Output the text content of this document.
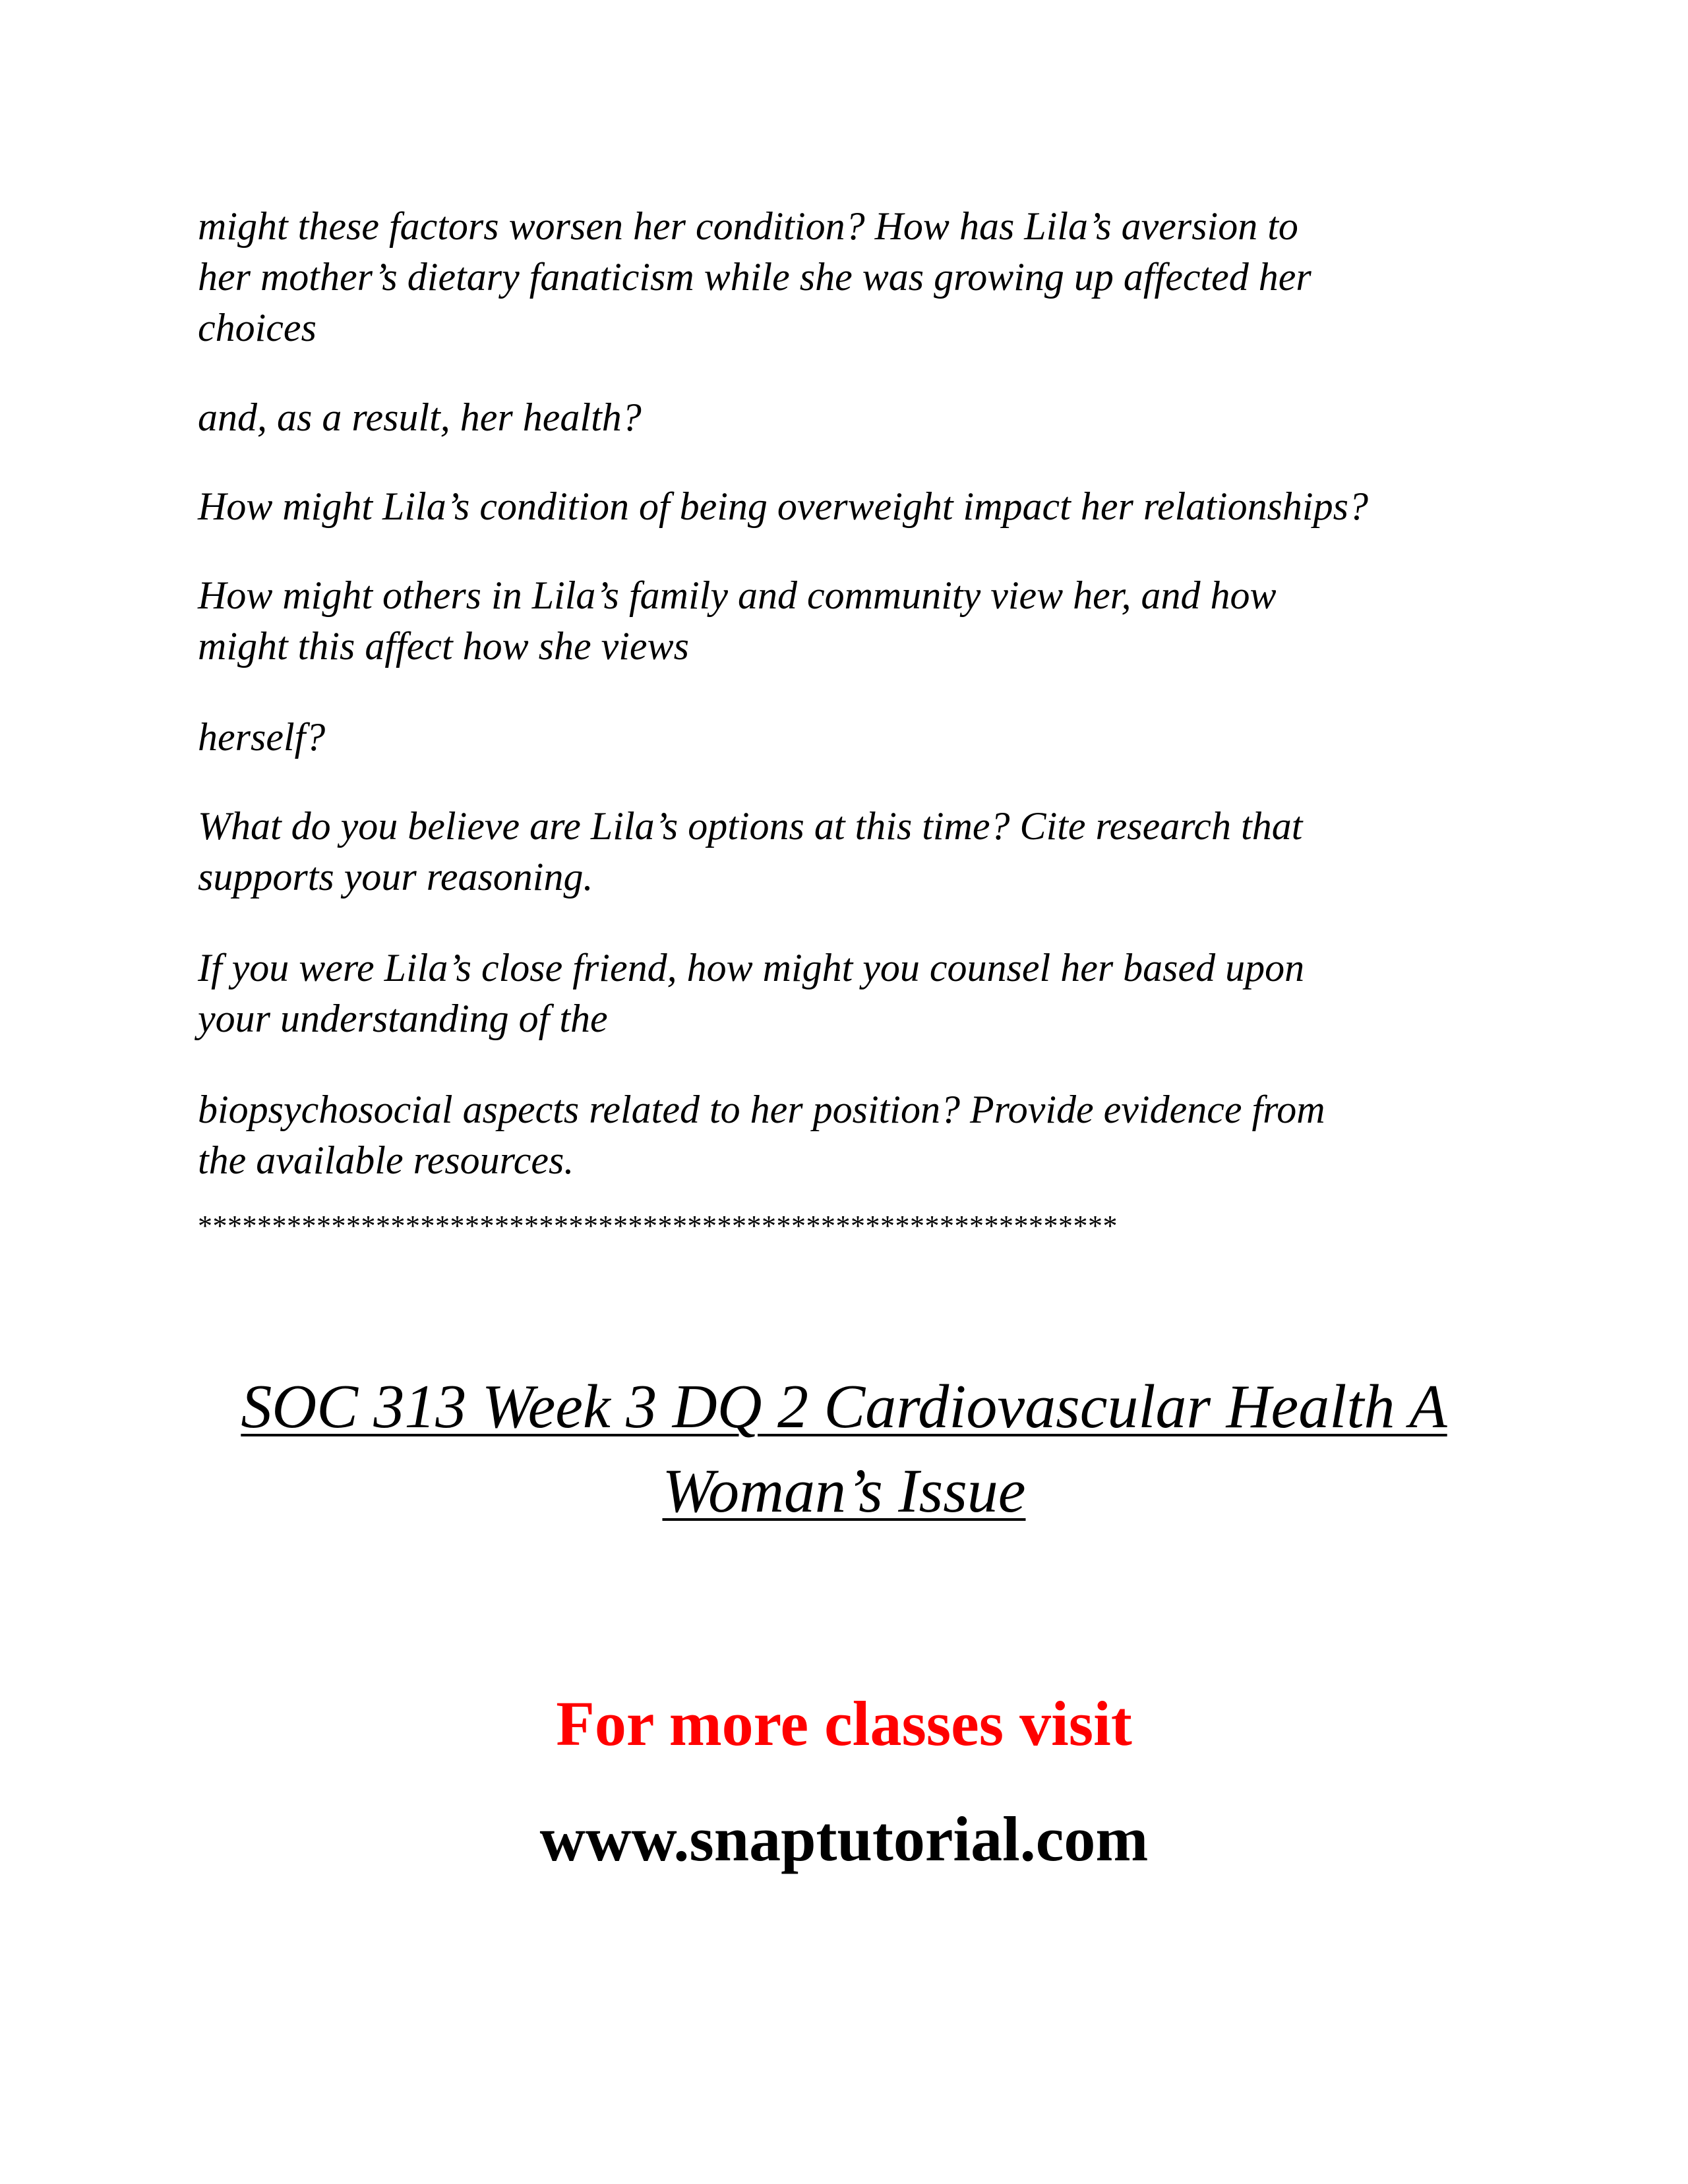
might these factors worsen her condition? How has Lila’s aversion to
her mother’s dietary fanaticism while she was growing up affected her
choices

and, as a result, her health?

How might Lila’s condition of being overweight impact her relationships?

How might others in Lila’s family and community view her, and how
might this affect how she views

herself?

What do you believe are Lila’s options at this time? Cite research that
supports your reasoning.

If you were Lila’s close friend, how might you counsel her based upon
your understanding of the

biopsychosocial aspects related to her position? Provide evidence from
the available resources.

**************************************************************

SOC 313 Week 3 DQ 2 Cardiovascular Health A

Woman’s Issue

For more classes visit

www.snaptutorial.com
